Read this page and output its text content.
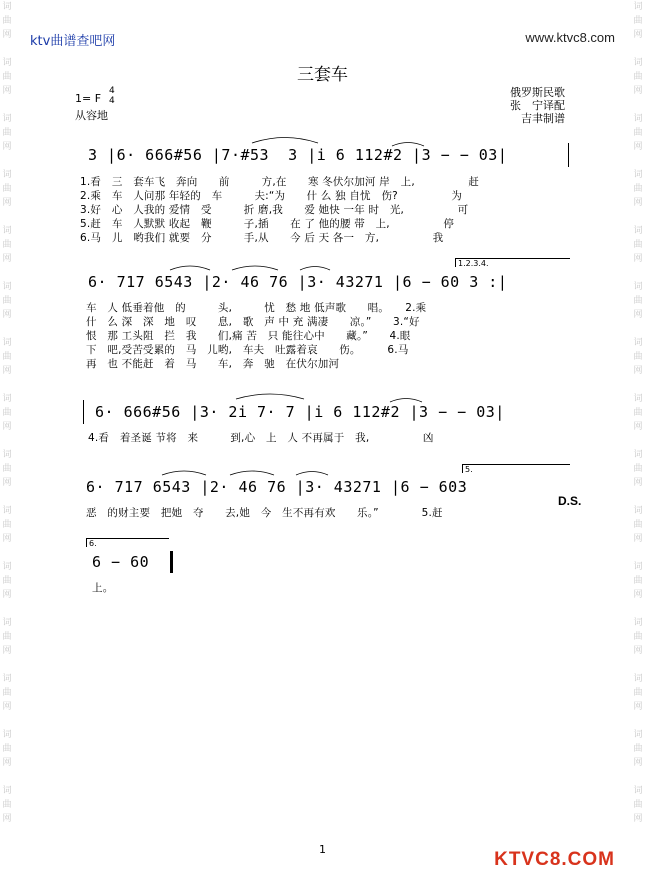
词
曲
网

词
曲
网

词
曲
网

词
曲
网

词
曲
网

词
曲
网

词
曲
网

词
曲
网

词
曲
网

词
曲
网

词
曲
网

词
曲
网

词
曲
网

词
曲
网

词
曲
网
词
曲
网

词
曲
网

词
曲
网

词
曲
网

词
曲
网

词
曲
网

词
曲
网

词
曲
网

词
曲
网

词
曲
网

词
曲
网

词
曲
网

词
曲
网

词
曲
网

词
曲
网
ktv曲谱查吧网	www.ktvc8.com
三套车
1= F
4
4
从容地
俄罗斯民歌
张　宁译配
吉聿制谱
3 |6· 666#56 |7·#53  3 |i 6 112#2 |3 − − 03|
1.看　三　套车飞　奔向　　前　　　方,在　　寒 冬伏尔加河 岸　上,　　　　　赶
2.乘　车　人问那 年轻的　车　　　夫:“为　　什 么 独 自忧　伤?　　　　　为
3.好　心　人我的 爱情　受　　　折 磨,我　　爱 她快 一年 时　光,　　　　　可
5.赶　车　人默默 收起　鞭　　　子,插　　在 了 他的腰 带　上,　　　　　停
6.马　儿　哟我们 就要　分　　　手,从　　今 后 天 各一　方,　　　　　我
1.2.3.4.
6· 717 6543 |2· 46 76 |3· 43271 |6 − 60 3 :|
车　人 低垂着他　的　　　头,　　　忧　愁 地 低声歌　　唱。　　2.乘
什　么 深　深　地　叹　　息,　歌　声 中 充 满凄　　凉。”　　3.“好
恨　那 工头阻　拦　我　　们,痛 苦　只 能往心中　　藏。”　　4.眼
下　吧,受苦受累的　马　儿哟,　车夫　吐露着哀　　伤。　　　6.马
再　也 不能赶　着　马　　车,　奔　驰　在伏尔加河
6· 666#56 |3· 2i 7· 7 |i 6 112#2 |3 − − 03|
4.看　着圣诞 节将　来　　　到,心　上　人 不再属于　我,　　　　　凶
5.
6· 717 6543 |2· 46 76 |3· 43271 |6 − 603
恶　的财主要　把她　夺　　去,她　今　生不再有欢　　乐。”　　　　5.赶
D.S.
6.
6 − 60
上。
1	KTVC8.COM
